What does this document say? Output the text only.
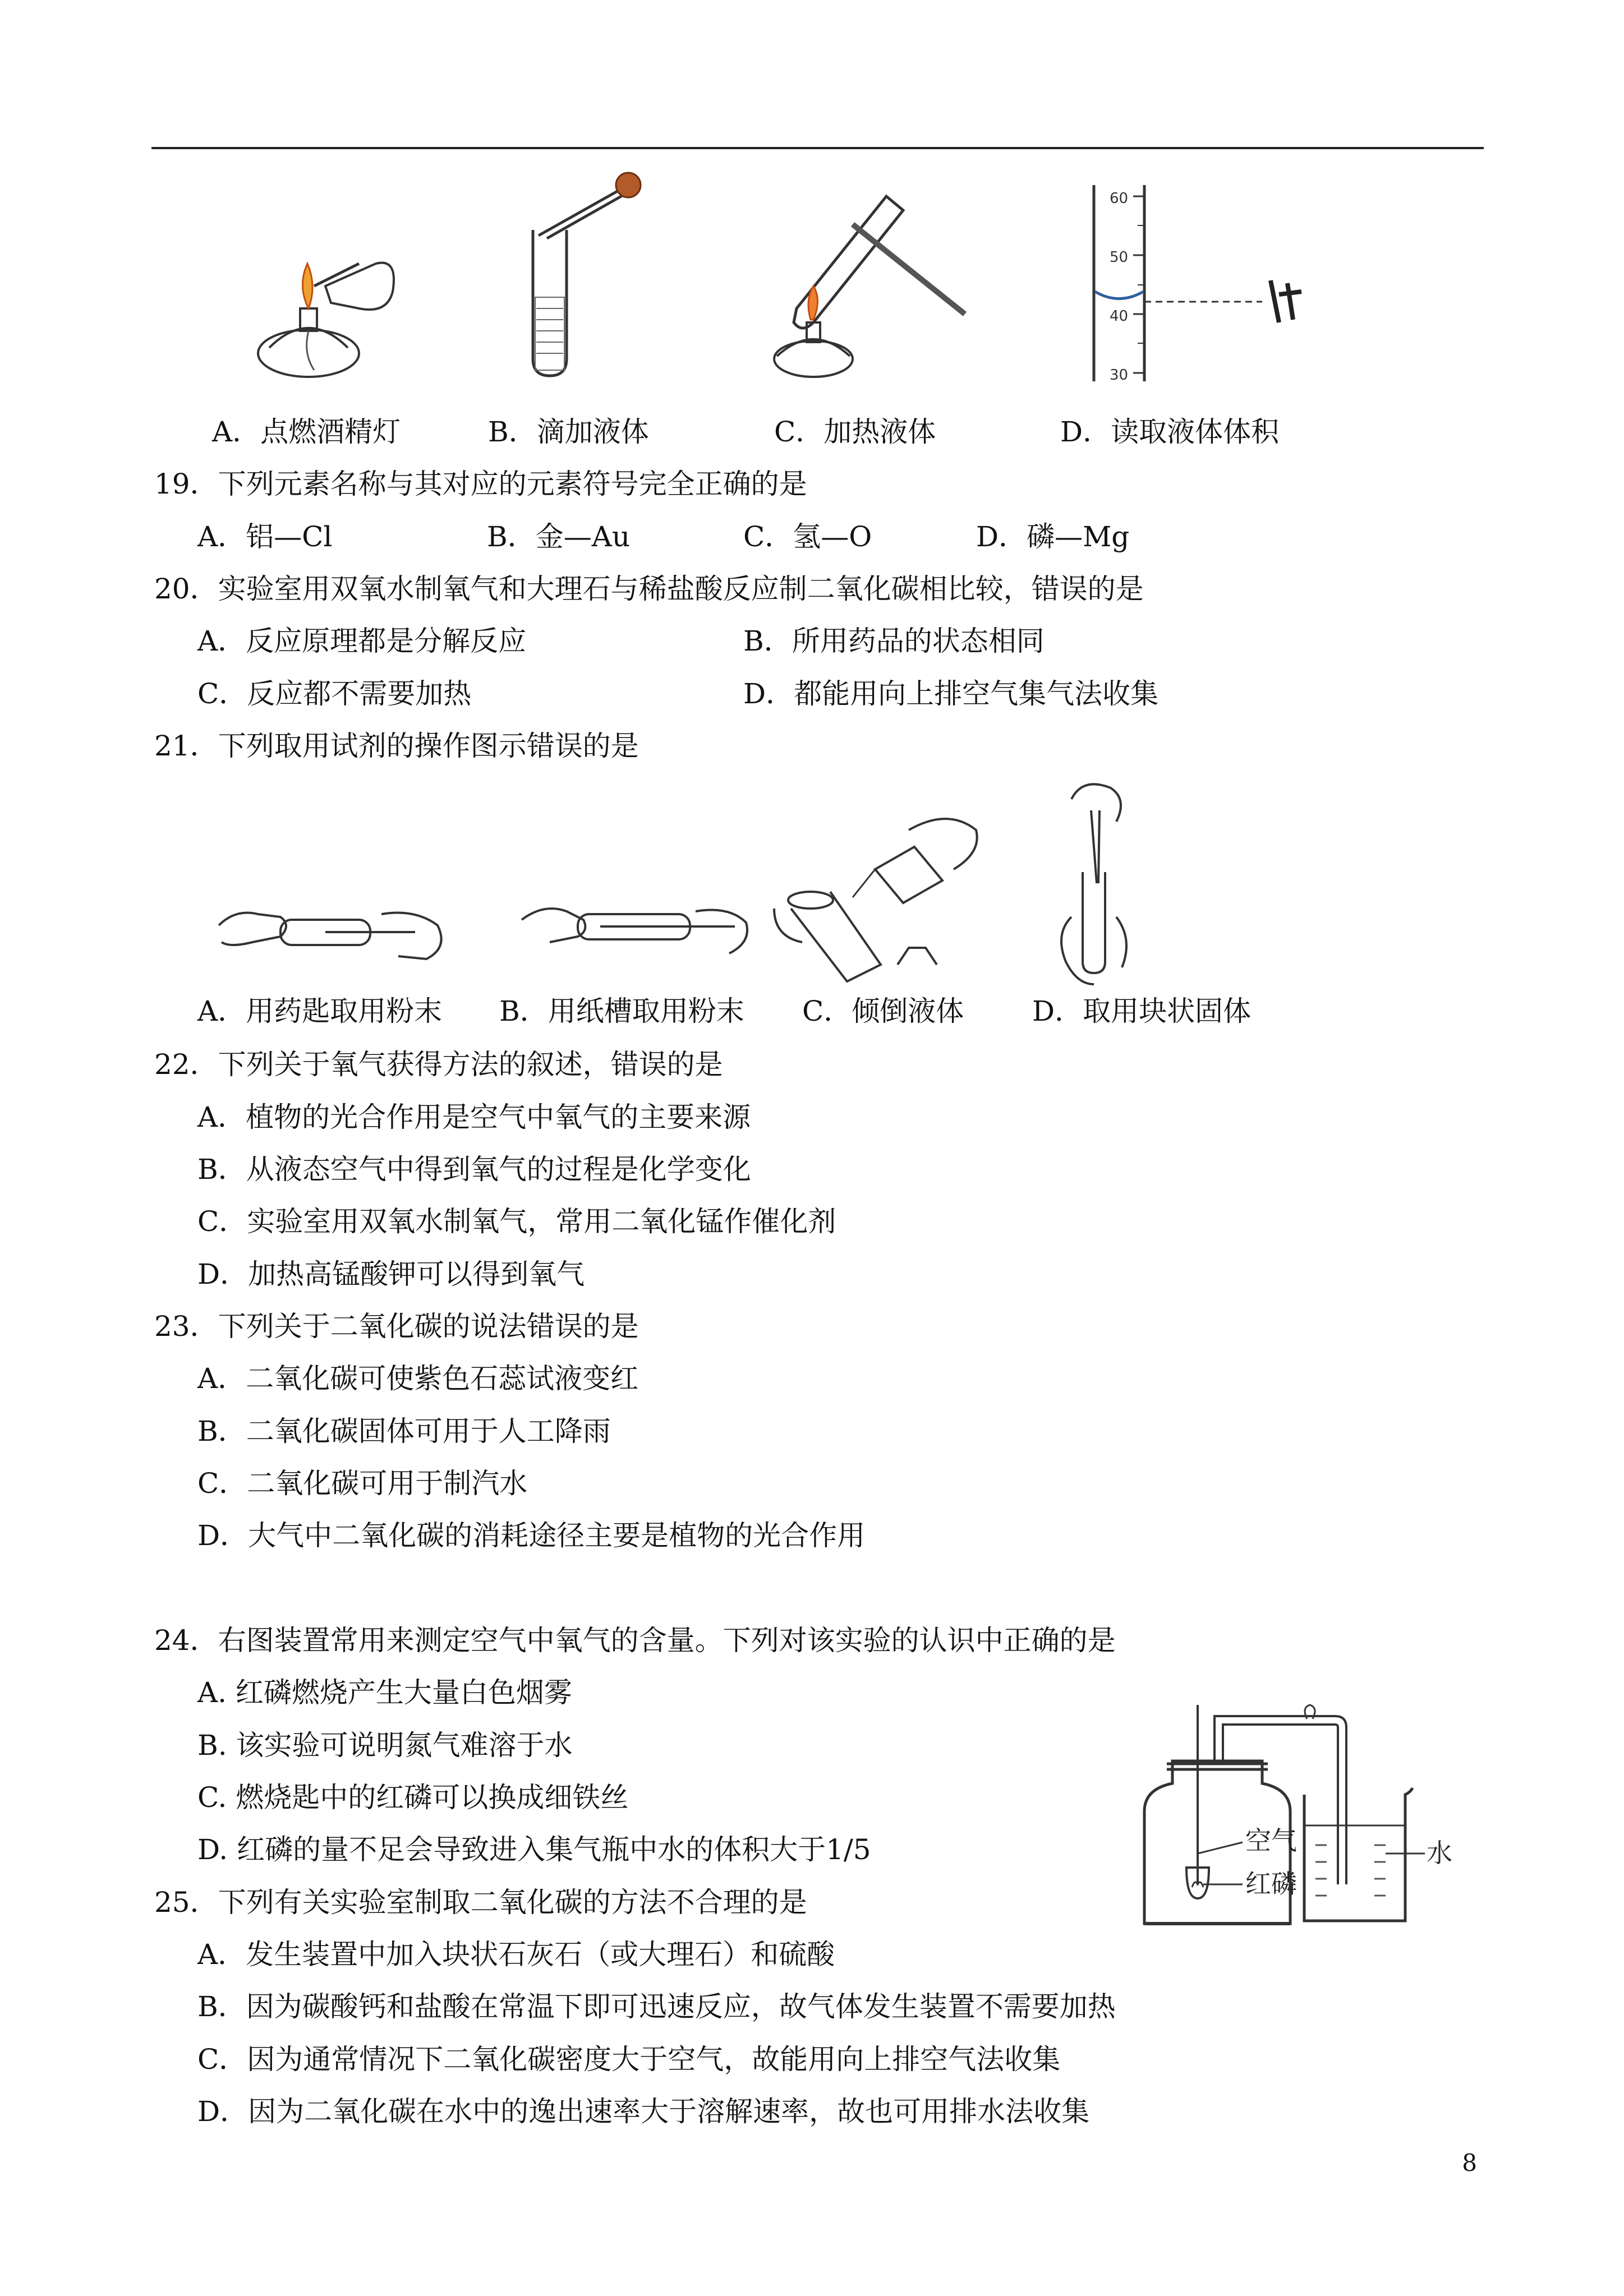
60
50
40
30
A．点燃酒精灯	B．滴加液体	C．加热液体	D．读取液体体积
19．下列元素名称与其对应的元素符号完全正确的是
A．铝—Cl	B．金—Au	C．氢—O	D．磷—Mg
20．实验室用双氧水制氧气和大理石与稀盐酸反应制二氧化碳相比较，错误的是
A．反应原理都是分解反应	B．所用药品的状态相同
C．反应都不需要加热	D．都能用向上排空气集气法收集
21．下列取用试剂的操作图示错误的是
A．用药匙取用粉末 B．用纸槽取用粉末 C．倾倒液体 D．取用块状固体
22．下列关于氧气获得方法的叙述，错误的是
A．植物的光合作用是空气中氧气的主要来源
B．从液态空气中得到氧气的过程是化学变化
C．实验室用双氧水制氧气，常用二氧化锰作催化剂
D．加热高锰酸钾可以得到氧气
23．下列关于二氧化碳的说法错误的是
A．二氧化碳可使紫色石蕊试液变红
B．二氧化碳固体可用于人工降雨
C．二氧化碳可用于制汽水
D．大气中二氧化碳的消耗途径主要是植物的光合作用
24．右图装置常用来测定空气中氧气的含量。下列对该实验的认识中正确的是
A. 红磷燃烧产生大量白色烟雾
B. 该实验可说明氮气难溶于水
C. 燃烧匙中的红磷可以换成细铁丝
D. 红磷的量不足会导致进入集气瓶中水的体积大于1/5	空气
红磷
水
25．下列有关实验室制取二氧化碳的方法不合理的是
A．发生装置中加入块状石灰石（或大理石）和硫酸
B．因为碳酸钙和盐酸在常温下即可迅速反应，故气体发生装置不需要加热
C．因为通常情况下二氧化碳密度大于空气，故能用向上排空气法收集
D．因为二氧化碳在水中的逸出速率大于溶解速率，故也可用排水法收集
8
